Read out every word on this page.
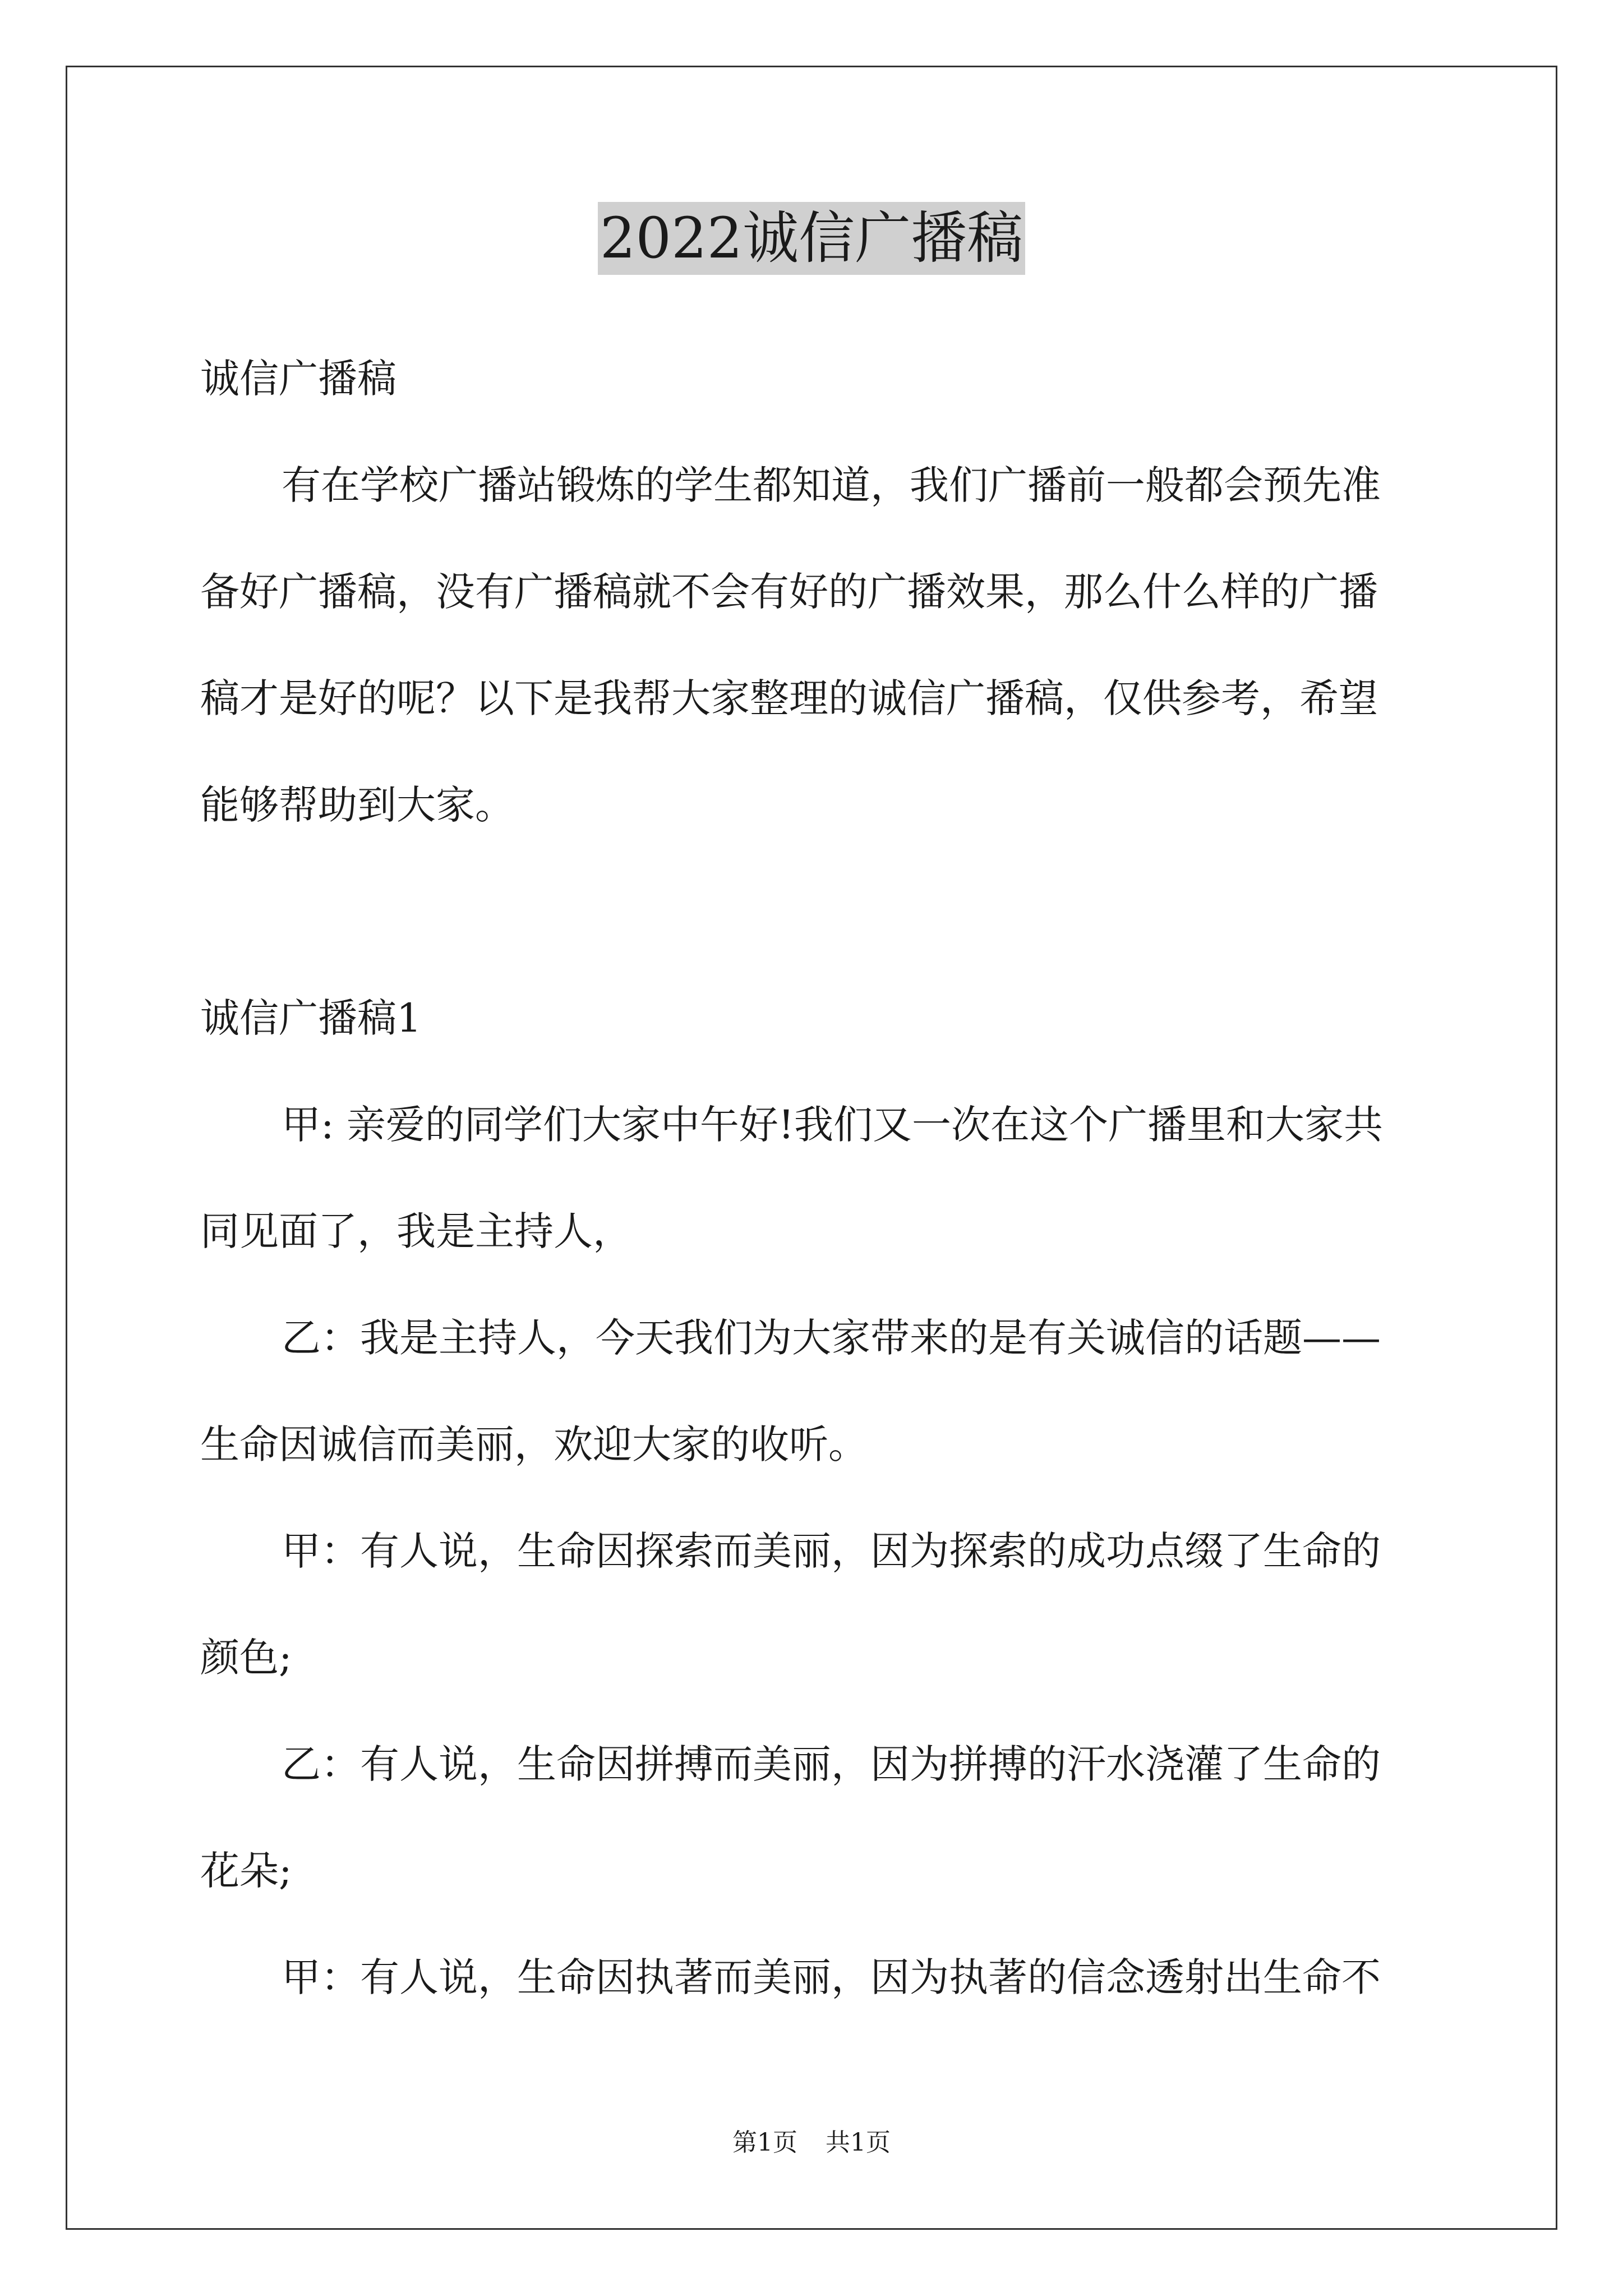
2022诚信广播稿

诚信广播稿

有在学校广播站锻炼的学生都知道，我们广播前一般都会预先准

备好广播稿，没有广播稿就不会有好的广播效果，那么什么样的广播

稿才是好的呢？以下是我帮大家整理的诚信广播稿，仅供参考，希望

能够帮助到大家。

诚信广播稿1

甲: 亲爱的同学们大家中午好!我们又一次在这个广播里和大家共

同见面了，我是主持人，

乙：我是主持人，今天我们为大家带来的是有关诚信的话题——

生命因诚信而美丽，欢迎大家的收听。

甲：有人说，生命因探索而美丽，因为探索的成功点缀了生命的

颜色;

乙：有人说，生命因拼搏而美丽，因为拼搏的汗水浇灌了生命的

花朵;

甲：有人说，生命因执著而美丽，因为执著的信念透射出生命不

第1页 共1页
